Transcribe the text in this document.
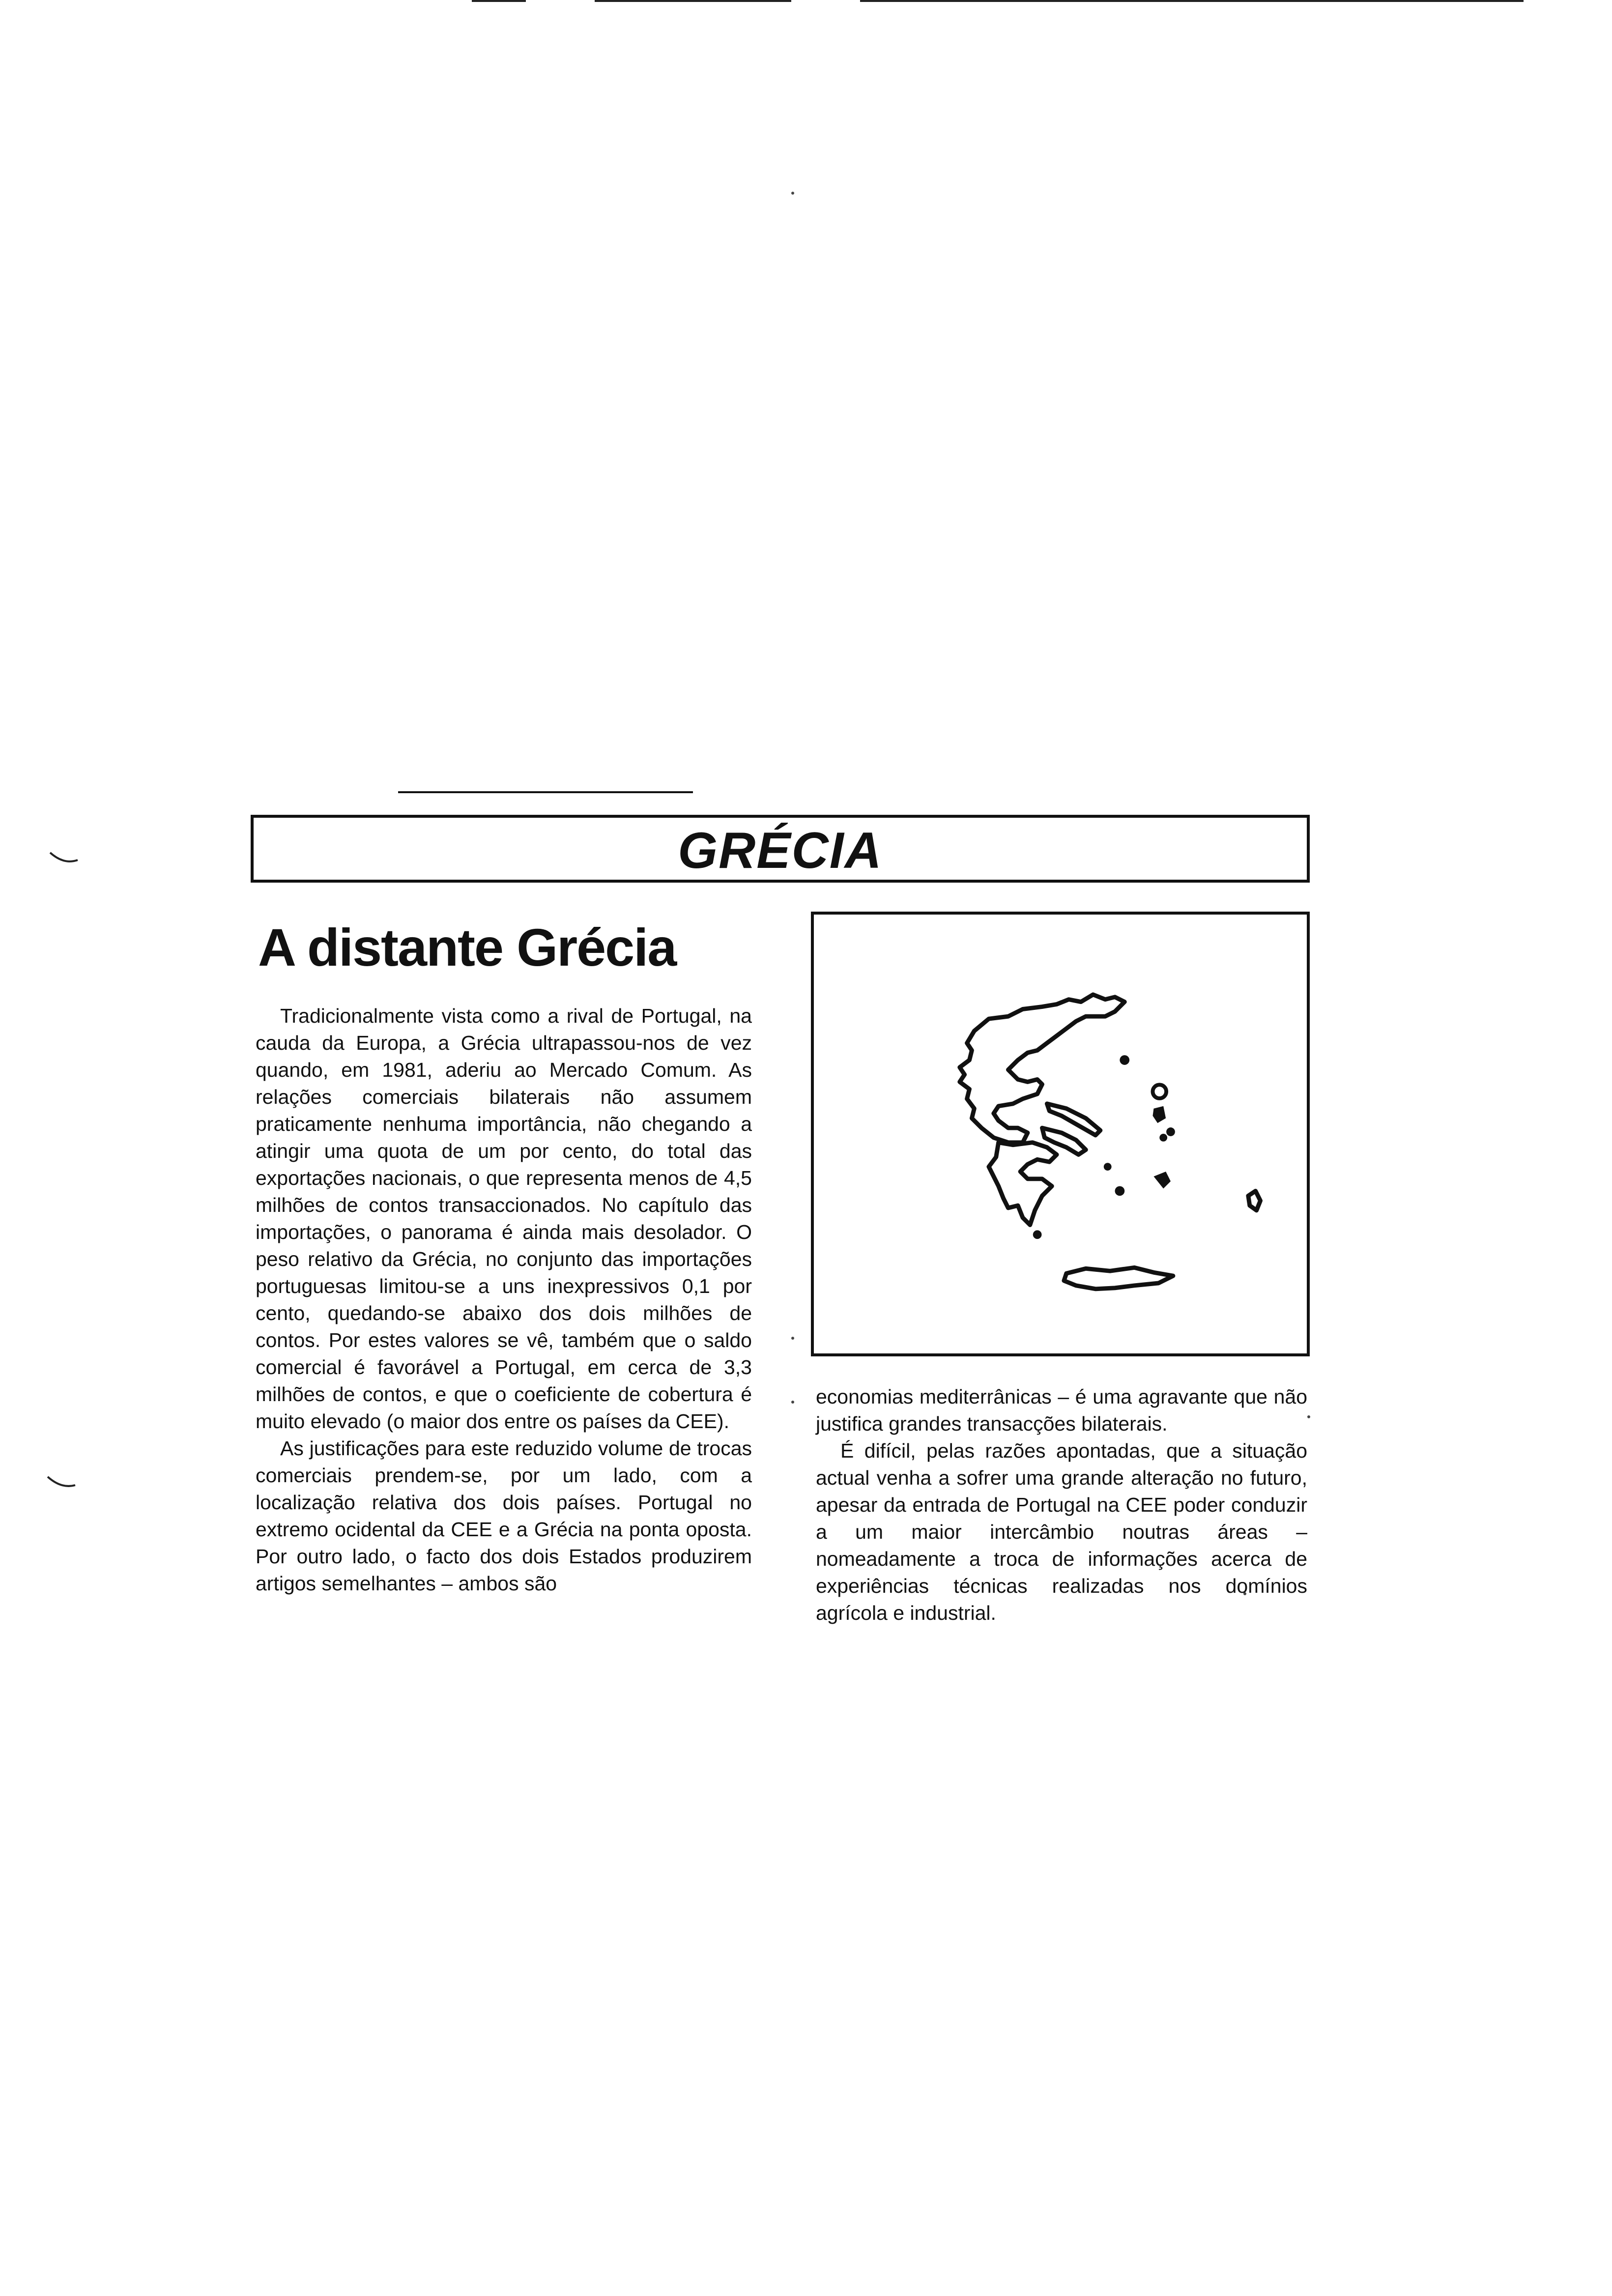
GRÉCIA
A distante Grécia

Tradicionalmente vista como a rival de Portugal, na cauda da Europa, a Grécia ultrapassou-nos de vez quando, em 1981, aderiu ao Mercado Comum. As relações comerciais bilaterais não assumem praticamente nenhuma importância, não chegando a atingir uma quota de um por cento, do total das exportações nacionais, o que representa menos de 4,5 milhões de contos transaccionados. No capítulo das importações, o panorama é ainda mais desolador. O peso relativo da Grécia, no conjunto das importações portuguesas limitou-se a uns inexpressivos 0,1 por cento, quedando-se abaixo dos dois milhões de contos. Por estes valores se vê, também que o saldo comercial é favorável a Portugal, em cerca de 3,3 milhões de contos, e que o coeficiente de cobertura é muito elevado (o maior dos entre os países da CEE).

As justificações para este reduzido volume de trocas comerciais prendem-se, por um lado, com a localização relativa dos dois países. Portugal no extremo ocidental da CEE e a Grécia na ponta oposta. Por outro lado, o facto dos dois Estados produzirem artigos semelhantes – ambos são

economias mediterrânicas – é uma agravante que não justifica grandes transacções bilaterais.

É difícil, pelas razões apontadas, que a situação actual venha a sofrer uma grande alteração no futuro, apesar da entrada de Portugal na CEE poder conduzir a um maior intercâmbio noutras áreas – nomeadamente a troca de informações acerca de experiências técnicas realizadas nos domínios agrícola e industrial.
